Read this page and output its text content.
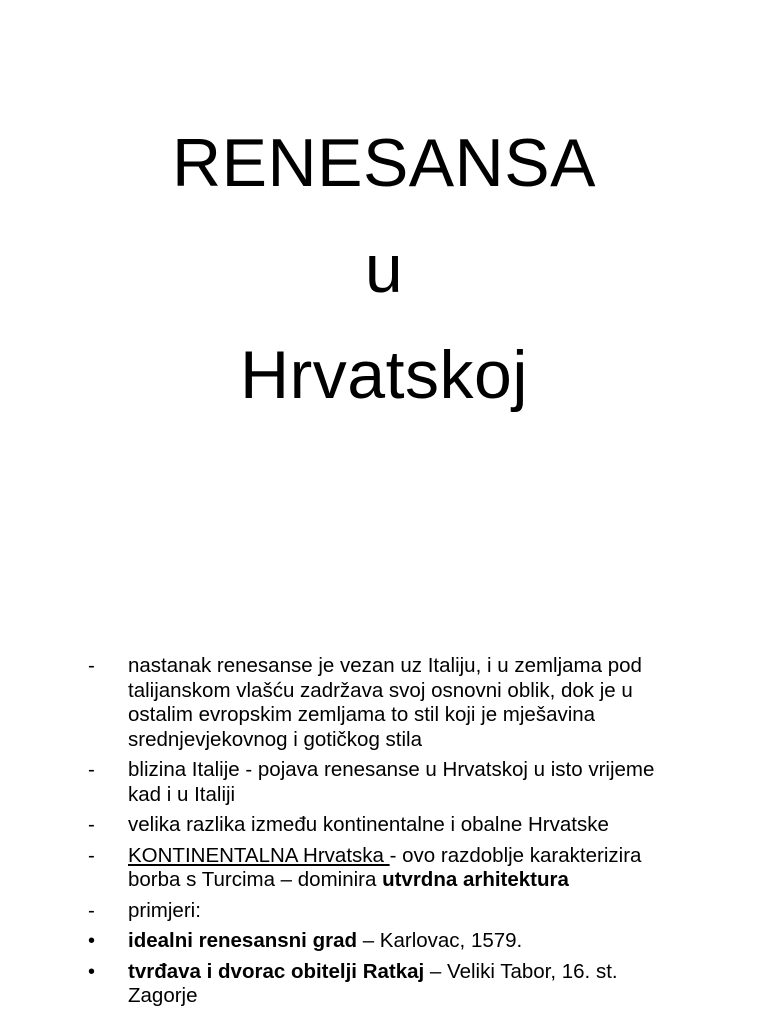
RENESANSA
u
Hrvatskoj
-	nastanak renesanse je vezan uz Italiju, i u zemljama pod talijanskom vlašću zadržava svoj osnovni oblik, dok je u ostalim evropskim zemljama to stil koji je mješavina srednjevjekovnog i gotičkog stila
-	blizina Italije - pojava renesanse u Hrvatskoj u isto vrijeme kad i u Italiji
-	velika razlika između kontinentalne i obalne Hrvatske
-	KONTINENTALNA Hrvatska - ovo razdoblje karakterizira borba s Turcima – dominira utvrdna arhitektura
-	primjeri:
•	idealni renesansni grad – Karlovac, 1579.
•	tvrđava i dvorac obitelji Ratkaj – Veliki Tabor, 16. st. Zagorje
